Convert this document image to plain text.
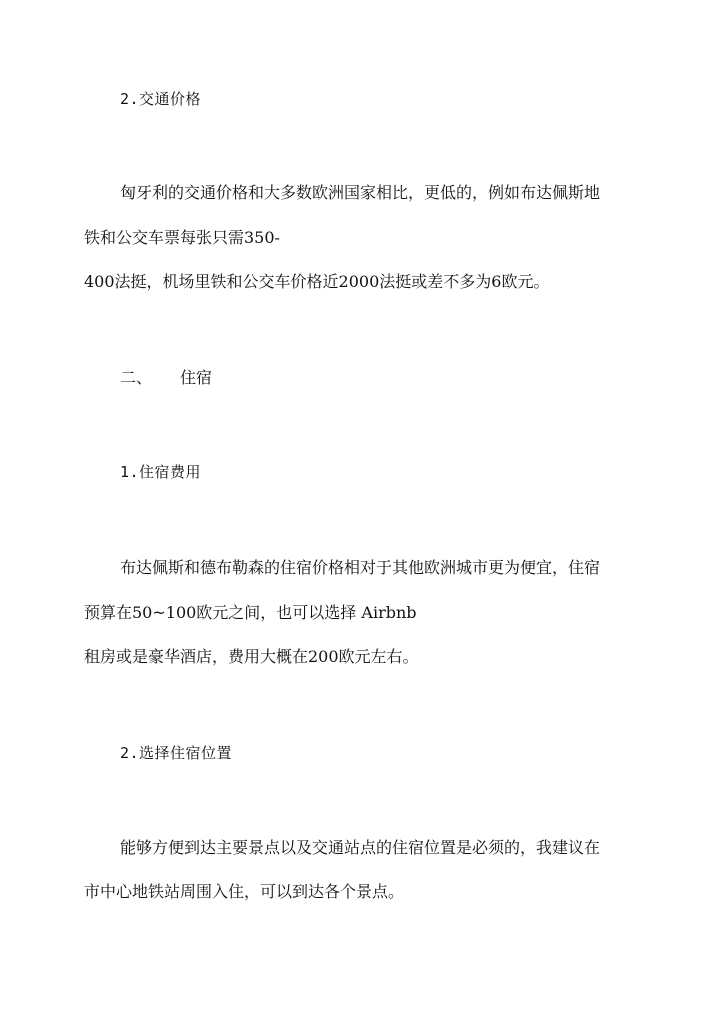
2.交通价格
匈牙利的交通价格和大多数欧洲国家相比，更低的，例如布达佩斯地
铁和公交车票每张只需350-
400法挺，机场里铁和公交车价格近2000法挺或差不多为6欧元。
二、 住宿
1.住宿费用
布达佩斯和德布勒森的住宿价格相对于其他欧洲城市更为便宜，住宿
预算在50~100欧元之间，也可以选择 Airbnb
租房或是豪华酒店，费用大概在200欧元左右。
2.选择住宿位置
能够方便到达主要景点以及交通站点的住宿位置是必须的，我建议在
市中心地铁站周围入住，可以到达各个景点。
